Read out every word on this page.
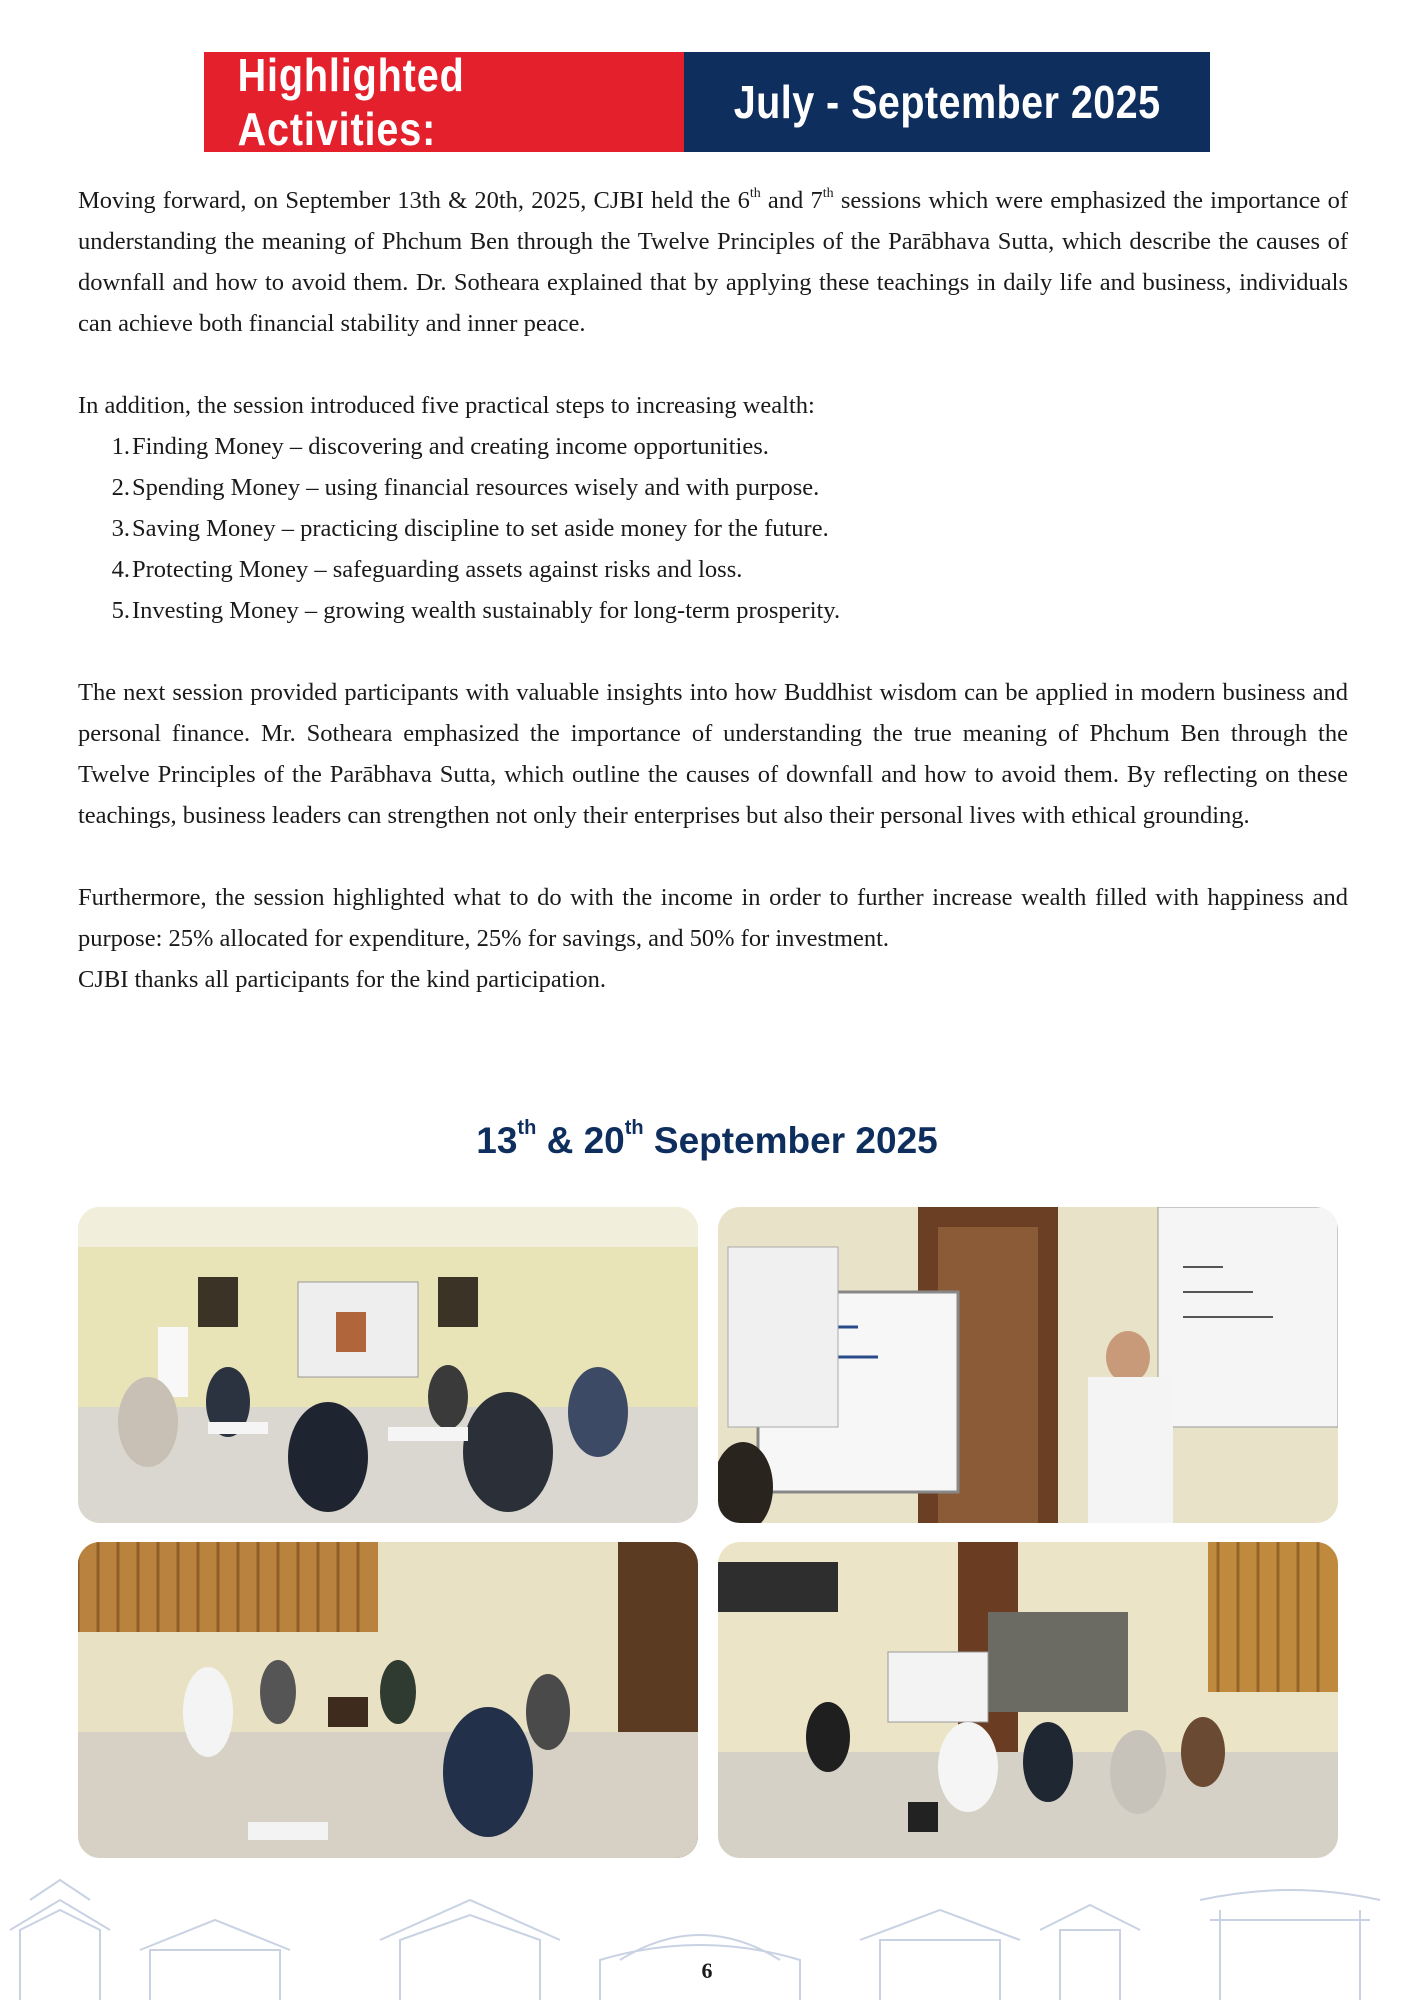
Highlighted Activities:
July - September 2025

Moving forward, on September 13th & 20th, 2025, CJBI held the 6th and 7th sessions which were emphasized the importance of understanding the meaning of Phchum Ben through the Twelve Principles of the Parābhava Sutta, which describe the causes of downfall and how to avoid them. Dr. Sotheara explained that by applying these teachings in daily life and business, individuals can achieve both financial stability and inner peace.

In addition, the session introduced five practical steps to increasing wealth:

1. Finding Money – discovering and creating income opportunities.
2. Spending Money – using financial resources wisely and with purpose.
3. Saving Money – practicing discipline to set aside money for the future.
4. Protecting Money – safeguarding assets against risks and loss.
5. Investing Money – growing wealth sustainably for long-term prosperity.

The next session provided participants with valuable insights into how Buddhist wisdom can be applied in modern business and personal finance. Mr. Sotheara emphasized the importance of understanding the true meaning of Phchum Ben through the Twelve Principles of the Parābhava Sutta, which outline the causes of downfall and how to avoid them. By reflecting on these teachings, business leaders can strengthen not only their enterprises but also their personal lives with ethical grounding.

Furthermore, the session highlighted what to do with the income in order to further increase wealth filled with happiness and purpose: 25% allocated for expenditure, 25% for savings, and 50% for investment.

CJBI thanks all participants for the kind participation.

13th & 20th September 2025
6
